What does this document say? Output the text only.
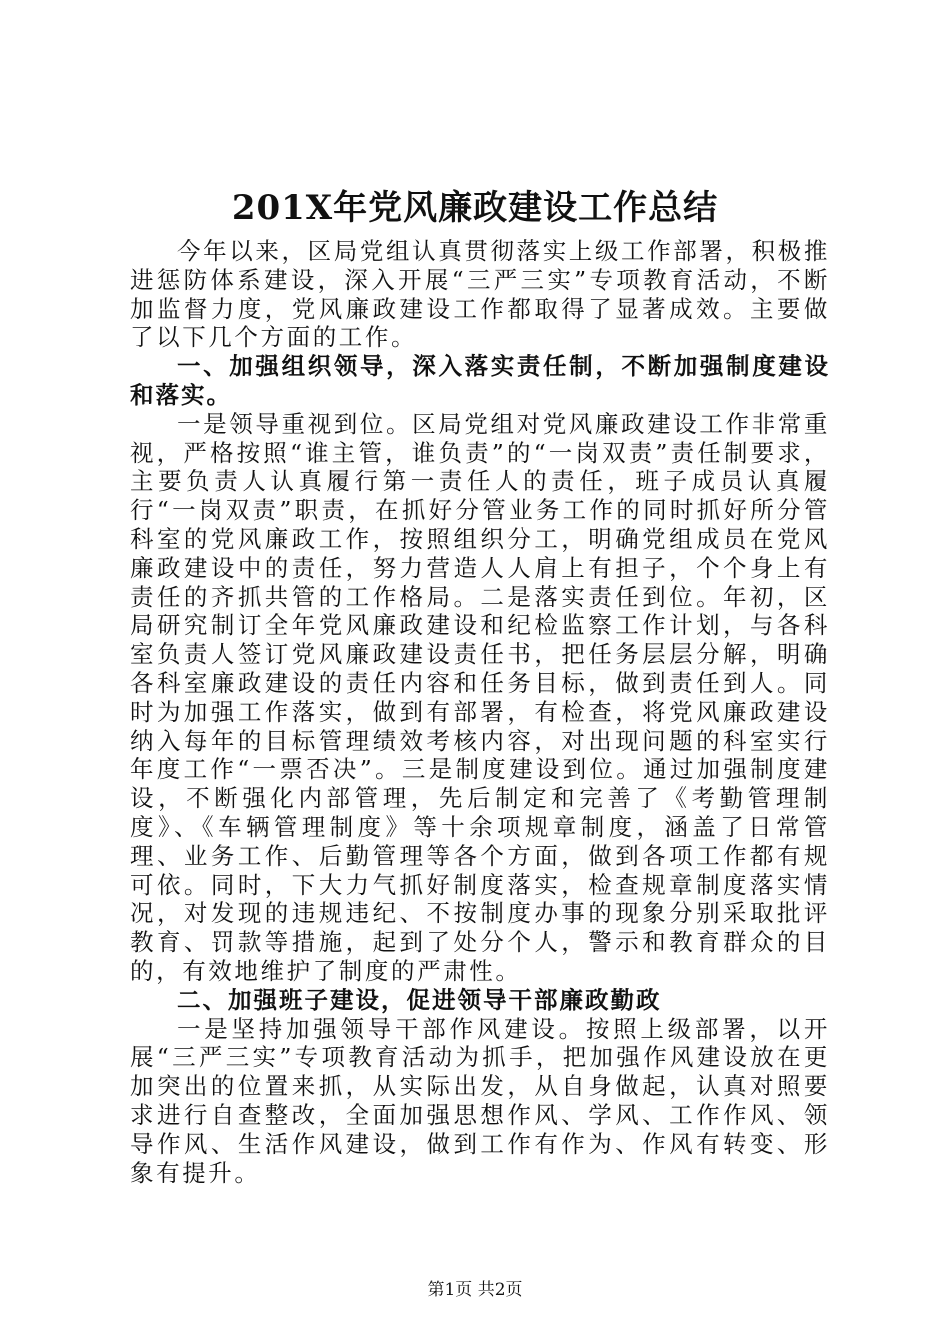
201X年党风廉政建设工作总结

今年以来，区局党组认真贯彻落实上级工作部署，积极推进惩防体系建设，深入开展“三严三实”专项教育活动，不断加监督力度，党风廉政建设工作都取得了显著成效。主要做了以下几个方面的工作。

一、加强组织领导，深入落实责任制，不断加强制度建设和落实。

一是领导重视到位。区局党组对党风廉政建设工作非常重视，严格按照“谁主管，谁负责”的“一岗双责”责任制要求，主要负责人认真履行第一责任人的责任，班子成员认真履行“一岗双责”职责，在抓好分管业务工作的同时抓好所分管科室的党风廉政工作，按照组织分工，明确党组成员在党风廉政建设中的责任，努力营造人人肩上有担子，个个身上有责任的齐抓共管的工作格局。二是落实责任到位。年初，区局研究制订全年党风廉政建设和纪检监察工作计划，与各科室负责人签订党风廉政建设责任书，把任务层层分解，明确各科室廉政建设的责任内容和任务目标，做到责任到人。同时为加强工作落实，做到有部署，有检查，将党风廉政建设纳入每年的目标管理绩效考核内容，对出现问题的科室实行年度工作“一票否决”。三是制度建设到位。通过加强制度建设，不断强化内部管理，先后制定和完善了《考勤管理制度》、《车辆管理制度》等十余项规章制度，涵盖了日常管理、业务工作、后勤管理等各个方面，做到各项工作都有规可依。同时，下大力气抓好制度落实，检查规章制度落实情况，对发现的违规违纪、不按制度办事的现象分别采取批评教育、罚款等措施，起到了处分个人，警示和教育群众的目的，有效地维护了制度的严肃性。

二、加强班子建设，促进领导干部廉政勤政

一是坚持加强领导干部作风建设。按照上级部署，以开展“三严三实”专项教育活动为抓手，把加强作风建设放在更加突出的位置来抓，从实际出发，从自身做起，认真对照要求进行自查整改，全面加强思想作风、学风、工作作风、领导作风、生活作风建设，做到工作有作为、作风有转变、形象有提升。

第1页 共2页
